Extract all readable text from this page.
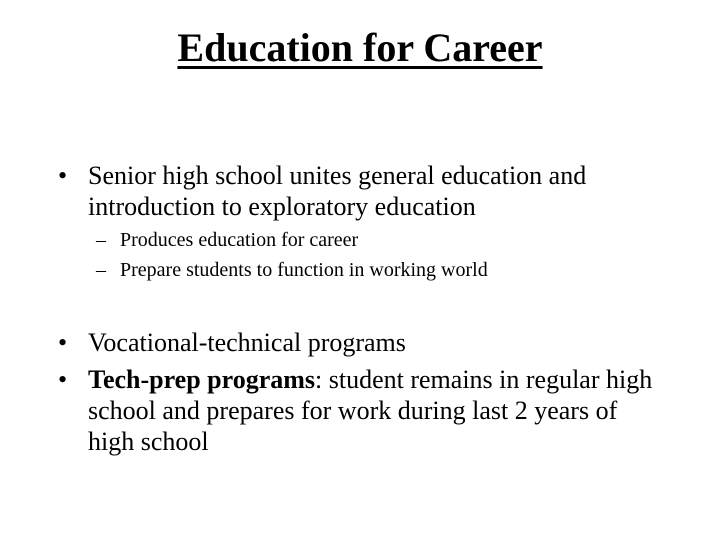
Education for Career
• Senior high school unites general education and introduction to exploratory education
– Produces education for career
– Prepare students to function in working world
• Vocational-technical programs
• Tech-prep programs: student remains in regular high school and prepares for work during last 2 years of high school
